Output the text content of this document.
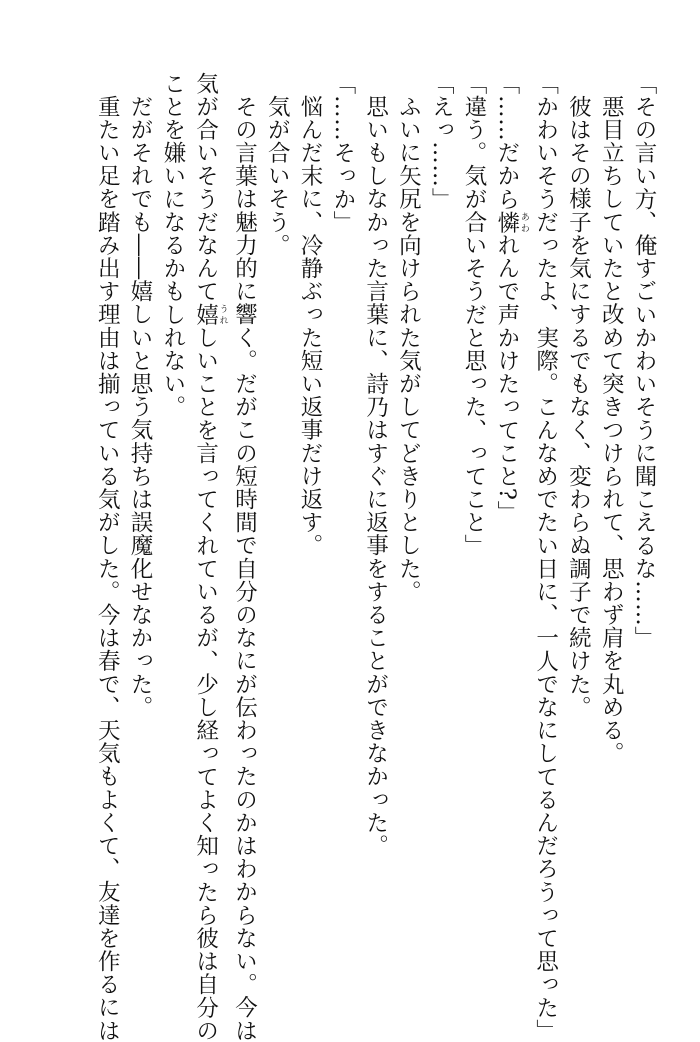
「その言い方、俺すごいかわいそうに聞こえるな……」
悪目立ちしていたと改めて突きつけられて、思わず肩を丸める。
彼はその様子を気にするでもなく、変わらぬ調子で続けた。
「かわいそうだったよ、実際。こんなめでたい日に、一人でなにしてるんだろうって思った」
「……だから憐 あわれんで声かけたってこと?」
「違う。気が合いそうだと思った、ってこと」
「えっ……」
ふいに矢尻を向けられた気がしてどきりとした。
思いもしなかった言葉に、詩乃はすぐに返事をすることができなかった。
「……そっか」
悩んだ末に、冷静ぶった短い返事だけ返す。
気が合いそう。
その言葉は魅力的に響く。だがこの短時間で自分のなにが伝わったのかはわからない。今は
気が合いそうだなんて嬉 うれしいことを言ってくれているが、少し経ってよく知ったら彼は自分の
ことを嫌いになるかもしれない。
だがそれでも――嬉しいと思う気持ちは誤魔化せなかった。
重たい足を踏み出す理由は揃っている気がした。今は春で、天気もよくて、友達を作るには
